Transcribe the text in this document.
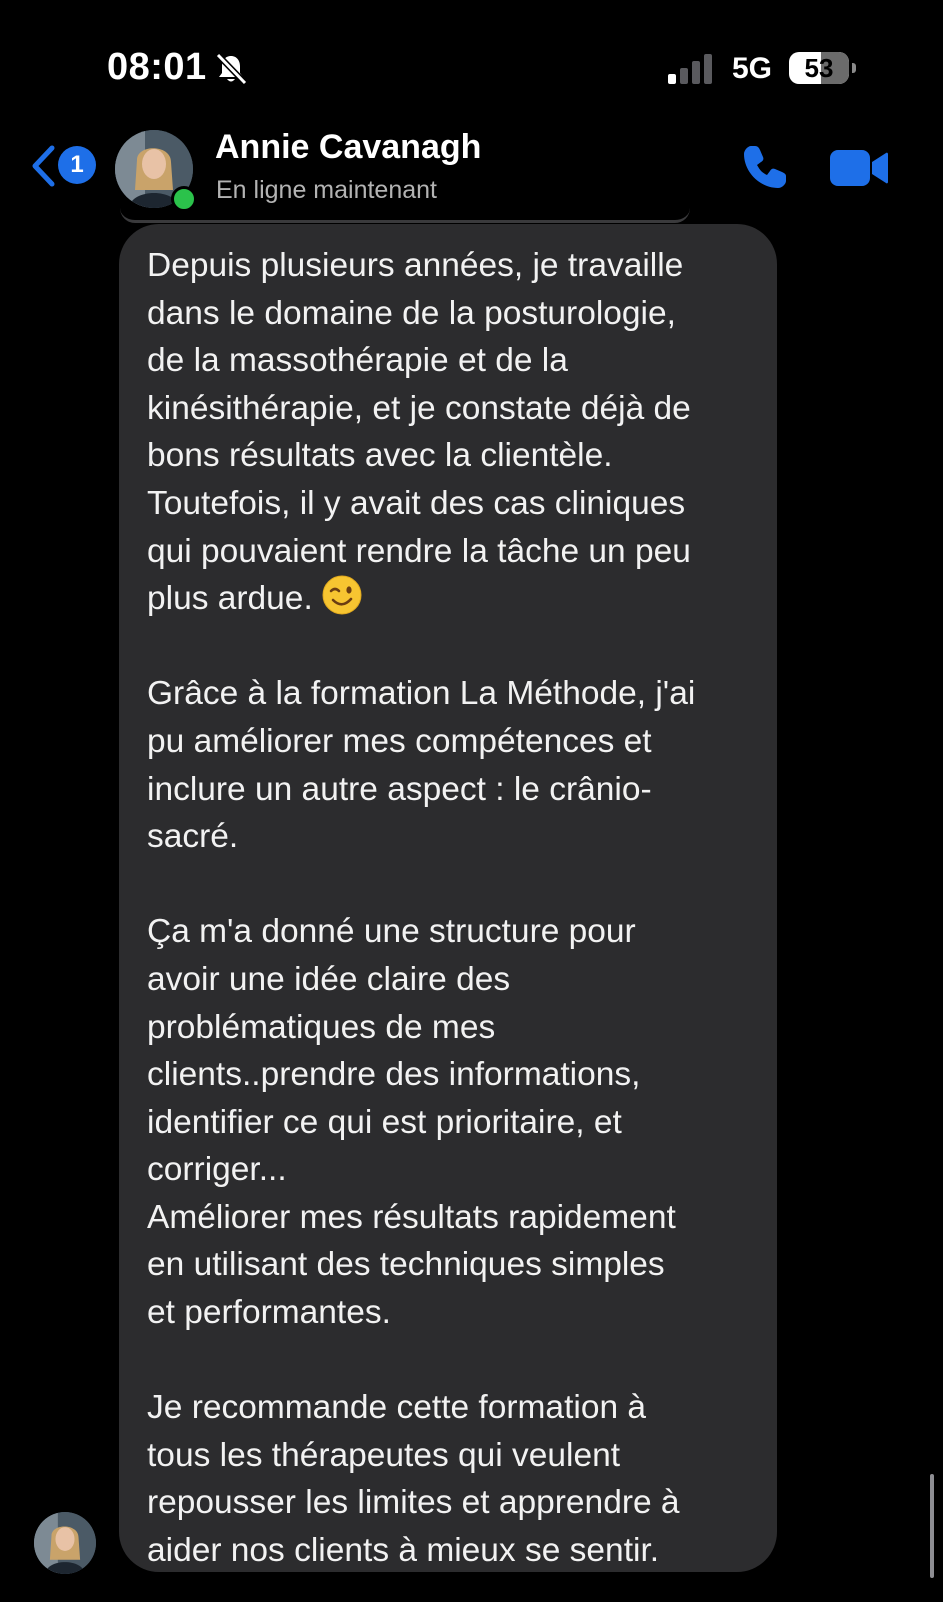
08:01	5G	53
1	Annie Cavanagh
En ligne maintenant

Depuis plusieurs années, je travaille
dans le domaine de la posturologie,
de la massothérapie et de la
kinésithérapie, et je constate déjà de
bons résultats avec la clientèle.
Toutefois, il y avait des cas cliniques
qui pouvaient rendre la tâche un peu
plus ardue.

Grâce à la formation La Méthode, j'ai
pu améliorer mes compétences et
inclure un autre aspect : le crânio-
sacré.

Ça m'a donné une structure pour
avoir une idée claire des
problématiques de mes
clients..prendre des informations,
identifier ce qui est prioritaire, et
corriger...
Améliorer mes résultats rapidement
en utilisant des techniques simples
et performantes.

Je recommande cette formation à
tous les thérapeutes qui veulent
repousser les limites et apprendre à
aider nos clients à mieux se sentir.
